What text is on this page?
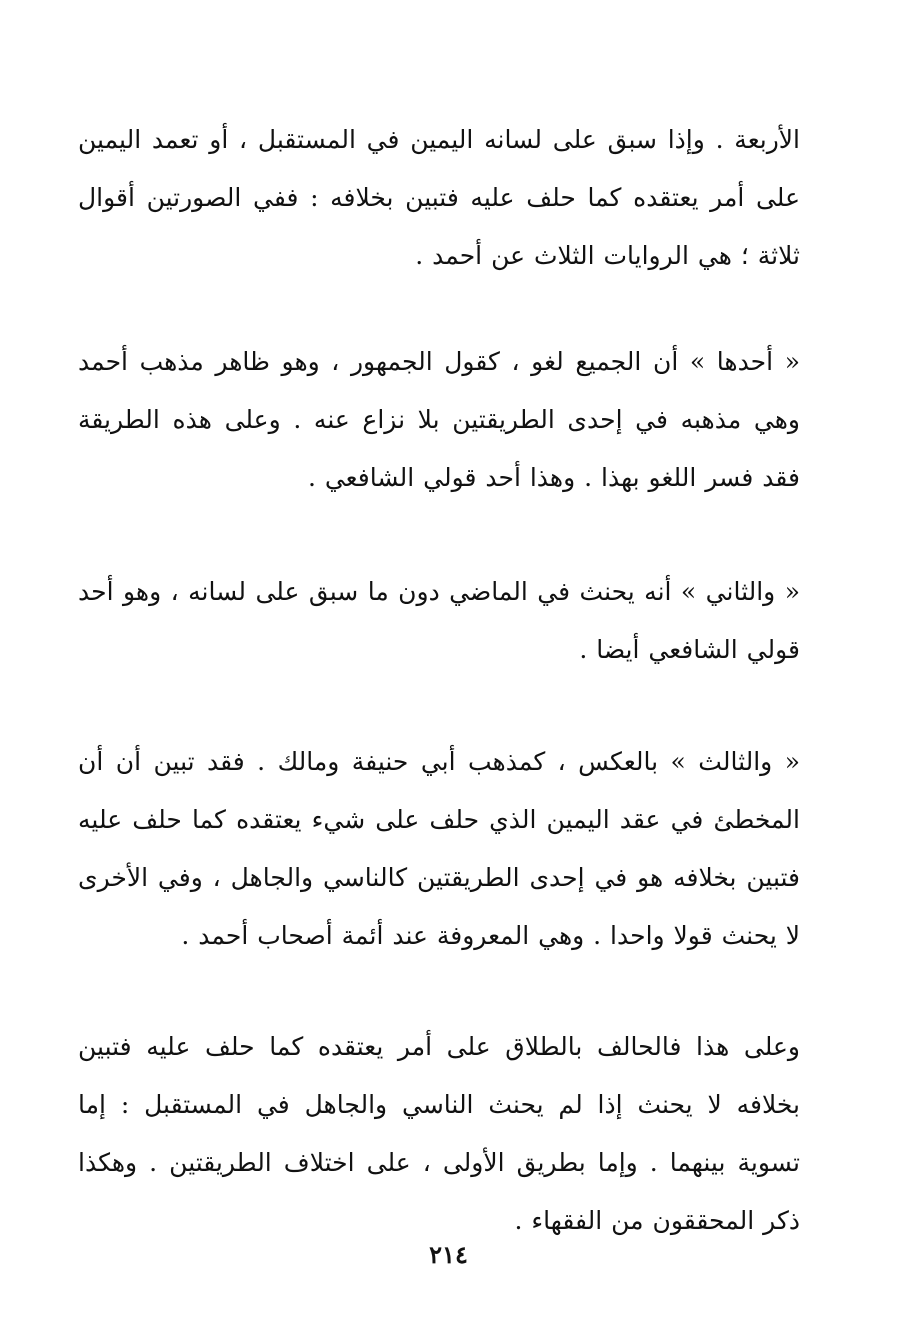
الأربعة . وإذا سبق على لسانه اليمين في المستقبل ، أو تعمد اليمين على أمر يعتقده كما حلف عليه فتبين بخلافه : ففي الصورتين أقوال ثلاثة ؛ هي الروايات الثلاث عن أحمد .

« أحدها » أن الجميع لغو ، كقول الجمهور ، وهو ظاهر مذهب أحمد وهي مذهبه في إحدى الطريقتين بلا نزاع عنه . وعلى هذه الطريقة فقد فسر اللغو بهذا . وهذا أحد قولي الشافعي .

« والثاني » أنه يحنث في الماضي دون ما سبق على لسانه ، وهو أحد قولي الشافعي أيضا .

« والثالث » بالعكس ، كمذهب أبي حنيفة ومالك . فقد تبين أن أن المخطئ في عقد اليمين الذي حلف على شيء يعتقده كما حلف عليه فتبين بخلافه هو في إحدى الطريقتين كالناسي والجاهل ، وفي الأخرى لا يحنث قولا واحدا . وهي المعروفة عند أئمة أصحاب أحمد .

وعلى هذا فالحالف بالطلاق على أمر يعتقده كما حلف عليه فتبين بخلافه لا يحنث إذا لم يحنث الناسي والجاهل في المستقبل : إما تسوية بينهما . وإما بطريق الأولى ، على اختلاف الطريقتين . وهكذا ذكر المحققون من الفقهاء .

٢١٤
